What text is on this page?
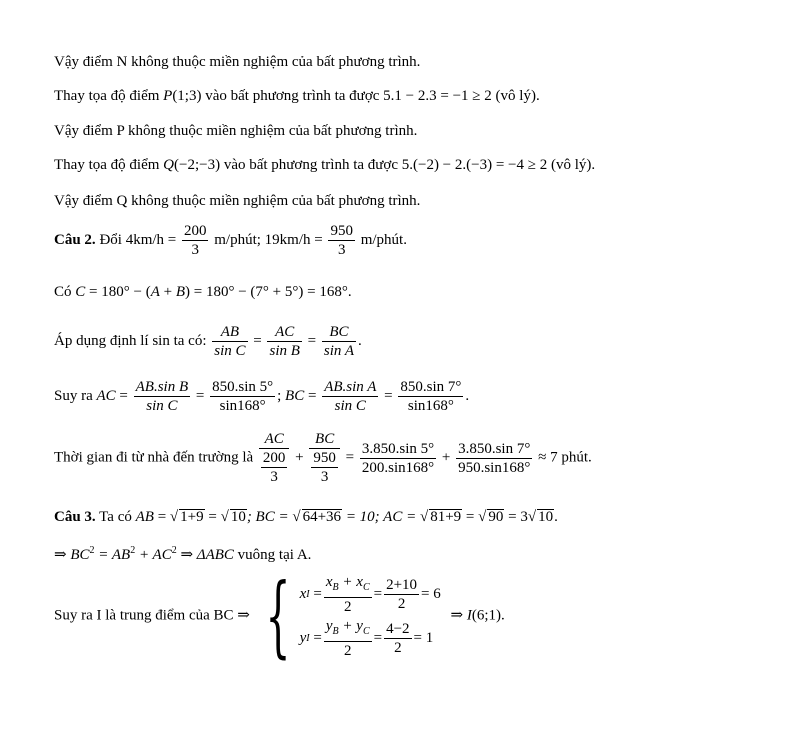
Vậy điểm N không thuộc miền nghiệm của bất phương trình.
Thay tọa độ điểm P(1;3) vào bất phương trình ta được 5.1 − 2.3 = −1 ≥ 2 (vô lý).
Vậy điểm P không thuộc miền nghiệm của bất phương trình.
Thay tọa độ điểm Q(−2;−3) vào bất phương trình ta được 5.(−2) − 2.(−3) = −4 ≥ 2 (vô lý).
Vậy điểm Q không thuộc miền nghiệm của bất phương trình.
Câu 2. Đổi $4km/h = \frac{200}{3}$ m/phút; $19km/h = \frac{950}{3}$ m/phút.
Có C = 180° − (A + B) = 180° − (7° + 5°) = 168°.
Áp dụng định lí sin ta có: $\frac{AB}{\text{sin C}} = \frac{AC}{\text{sin B}} = \frac{BC}{\text{sin A}}$ .
Suy ra AC = $\frac{\text{AB.sin B}}{\text{sin C}} = \frac{850.\sin 5^\circ}{\sin 168^\circ}$ ; BC = $\frac{\text{AB.sin A}}{\text{sin C}} = \frac{850.\sin 7^\circ}{\sin 168^\circ}$ .
Thời gian đi từ nhà đến trường là $\frac{AC}{\frac{200}{3}} + \frac{BC}{\frac{950}{3}} = \frac{3.850.\sin 5^\circ}{200.\sin 168^\circ} + \frac{3.850.\sin 7^\circ}{950.\sin 168^\circ} \approx 7$ phút.
Câu 3. Ta có AB = √ 1+9 = √ 10; BC = √ 64+36 = 10; AC = √ 81+9 = √ 90 = 3√ 10.
⇒ $BC^2 = AB^2 + AC^2$ ⇒ ΔABC vuông tại A.
Suy ra I là trung điểm của BC ⇒ { x $I = \frac{x_B + x_C}{2} = \frac{2+10}{2} = 6$
y $I = \frac{y_B + y_C}{2} = \frac{4-2}{2} = 1$
⇒ I(6;1).
